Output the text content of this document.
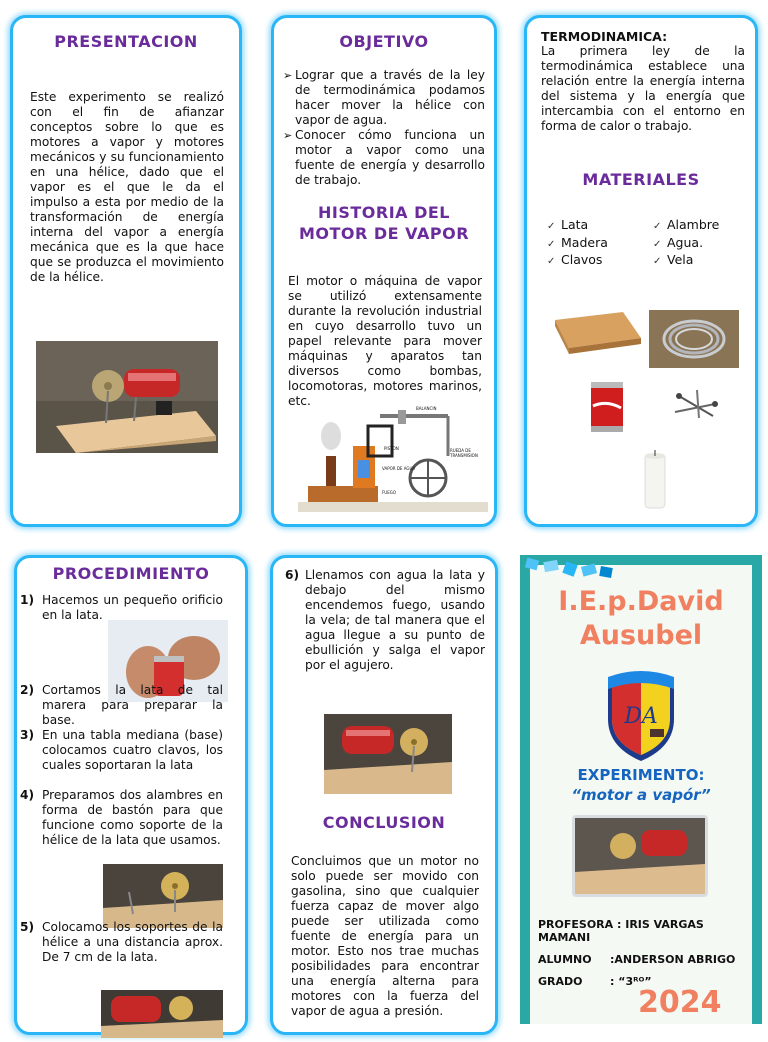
PRESENTACION
Este experimento se realizó con el fin de afianzar conceptos sobre lo que es motores a vapor y motores mecánicos y su funcionamiento en una hélice, dado que el vapor es el que le da el impulso a esta por medio de la transformación de energía interna del vapor a energía mecánica que es la que hace que se produzca el movimiento de la hélice.
OBJETIVO
➢ Lograr que a través de la ley de termodinámica podamos hacer mover la hélice con vapor de agua.
➢ Conocer cómo funciona un motor a vapor como una fuente de energía y desarrollo de trabajo.
HISTORIA DEL
MOTOR DE VAPOR
El motor o máquina de vapor se utilizó extensamente durante la revolución industrial en cuyo desarrollo tuvo un papel relevante para mover máquinas y aparatos tan diversos como bombas, locomotoras, motores marinos, etc.
BALANCIN
PISTON	RUEDA DE TRANSMISION
VAPOR DE AGUA
FUEGO
TERMODINAMICA:
La primera ley de la termodinámica establece una relación entre la energía interna del sistema y la energía que intercambia con el entorno en forma de calor o trabajo.
MATERIALES
✓ Lata
✓ Madera
✓ Clavos
✓ Alambre
✓ Agua.
✓ Vela
PROCEDIMIENTO
1) Hacemos un pequeño orificio en la lata.
2) Cortamos la lata de tal marera para preparar la base.
3) En una tabla mediana (base) colocamos cuatro clavos, los cuales soportaran la lata
4) Preparamos dos alambres en forma de bastón para que funcione como soporte de la hélice de la lata que usamos.
5) Colocamos los soportes de la hélice a una distancia aprox. De 7 cm de la lata.
6) Llenamos con agua la lata y debajo del mismo encendemos fuego, usando la vela; de tal manera que el agua llegue a su punto de ebullición y salga el vapor por el agujero.
CONCLUSION
Concluimos que un motor no solo puede ser movido con gasolina, sino que cualquier fuerza capaz de mover algo puede ser utilizada como fuente de energía para un motor. Esto nos trae muchas posibilidades para encontrar una energía alterna para motores con la fuerza del vapor de agua a presión.
I.E.p.David
Ausubel
DA
EXPERIMENTO:
“motor a vapór”
PROFESORA : IRIS VARGAS
MAMANI
ALUMNO :ANDERSON ABRIGO
GRADO	: “3ᴿᴼ”
2024
